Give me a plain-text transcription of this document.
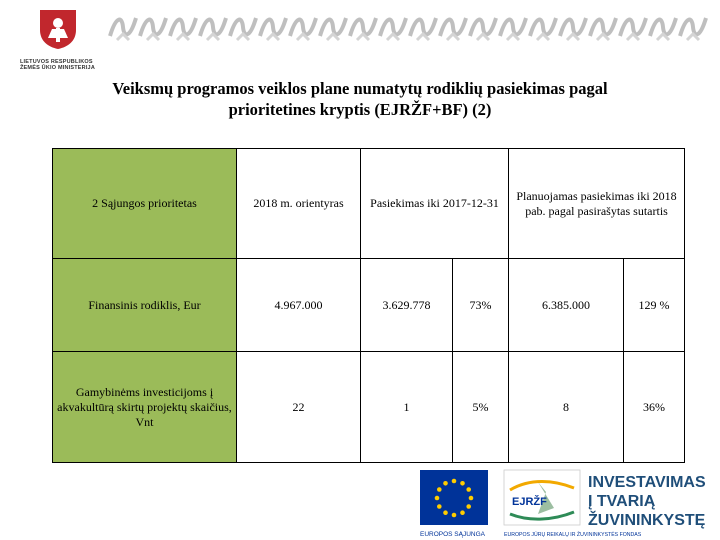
LIETUVOS RESPUBLIKOS
ŽEMĖS ŪKIO MINISTERIJA
Veiksmų programos veiklos plane numatytų rodiklių pasiekimas pagal
prioritetines kryptis (EJRŽF+BF) (2)
2 Sąjungos prioritetas	2018 m. orientyras	Pasiekimas iki 2017-12-31		Planuojamas pasiekimas iki 2018 pab. pagal pasirašytas sutartis	
Finansinis rodiklis, Eur	4.967.000	3.629.778	73%	6.385.000	129 %
Gamybinėms investicijoms į akvakultūrą skirtų projektų skaičius, Vnt	22	1	5%	8	36%
EUROPOS SĄJUNGA
EJRŽF
EUROPOS JŪRŲ REIKALŲ IR ŽUVININKYSTĖS FONDAS
INVESTAVIMAS
Į TVARIĄ
ŽUVININKYSTĘ
